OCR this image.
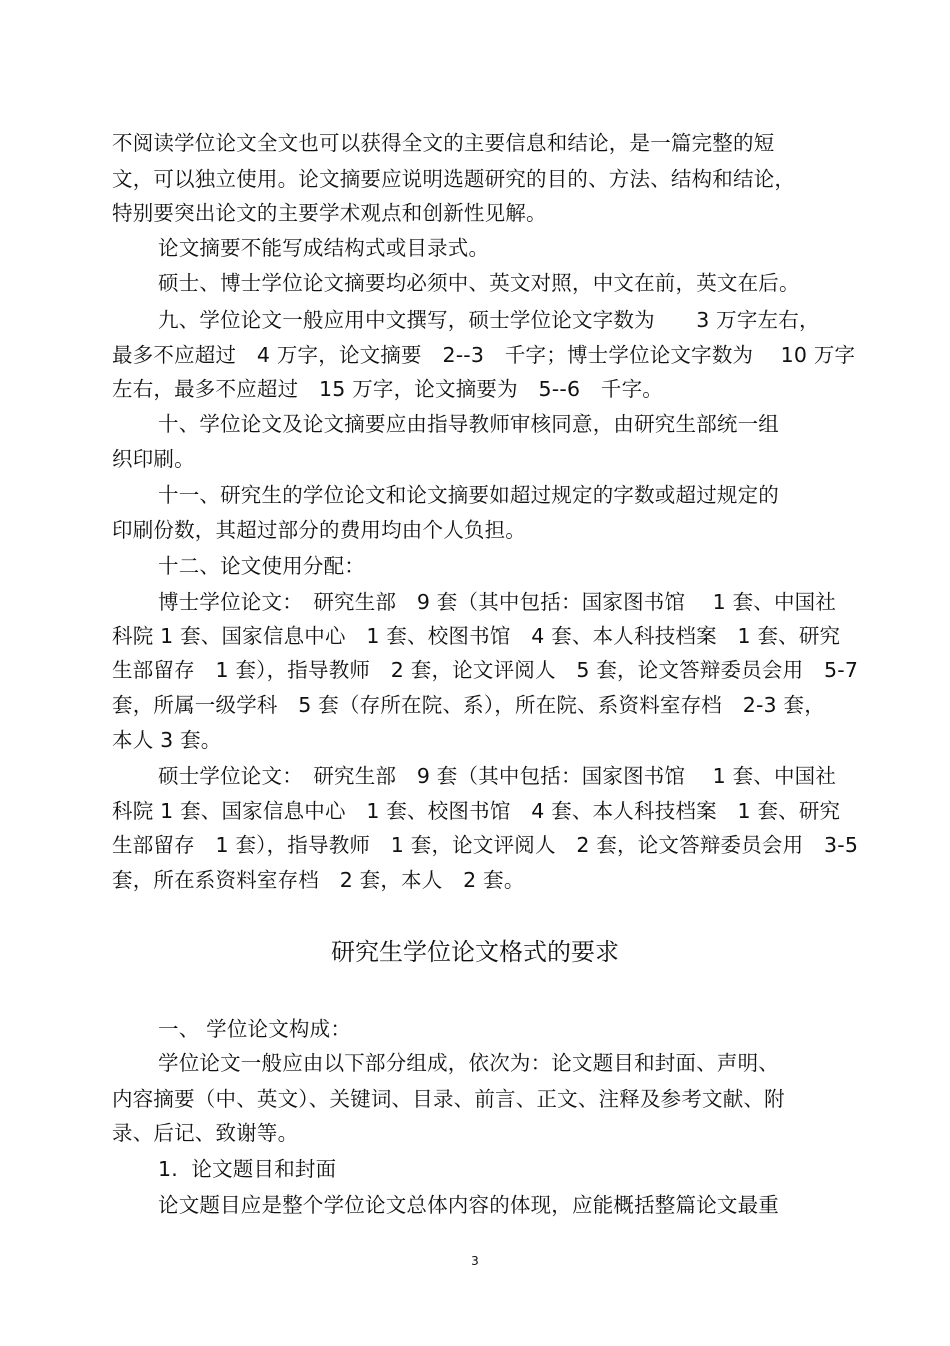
不阅读学位论文全文也可以获得全文的主要信息和结论，是一篇完整的短
文，可以独立使用。论文摘要应说明选题研究的目的、方法、结构和结论，
特别要突出论文的主要学术观点和创新性见解。
论文摘要不能写成结构式或目录式。
硕士、博士学位论文摘要均必须中、英文对照，中文在前，英文在后。
九、学位论文一般应用中文撰写，硕士学位论文字数为　　3 万字左右，
最多不应超过　4 万字，论文摘要　2--3　千字；博士学位论文字数为　 10 万字
左右，最多不应超过　15 万字，论文摘要为　5--6　千字。
十、学位论文及论文摘要应由指导教师审核同意，由研究生部统一组
织印刷。
十一、研究生的学位论文和论文摘要如超过规定的字数或超过规定的
印刷份数，其超过部分的费用均由个人负担。
十二、论文使用分配：
博士学位论文：　研究生部　9 套（其中包括：国家图书馆　 1 套、中国社
科院 1 套、国家信息中心　1 套、校图书馆　4 套、本人科技档案　1 套、研究
生部留存　1 套），指导教师　2 套，论文评阅人　5 套，论文答辩委员会用　5-7
套，所属一级学科　5 套（存所在院、系），所在院、系资料室存档　2-3 套，
本人 3 套。
硕士学位论文：　研究生部　9 套（其中包括：国家图书馆　 1 套、中国社
科院 1 套、国家信息中心　1 套、校图书馆　4 套、本人科技档案　1 套、研究
生部留存　1 套），指导教师　1 套，论文评阅人　2 套，论文答辩委员会用　3-5
套，所在系资料室存档　2 套，本人　2 套。
研究生学位论文格式的要求
一、 学位论文构成：
学位论文一般应由以下部分组成，依次为：论文题目和封面、声明、
内容摘要（中、英文）、关键词、目录、前言、正文、注释及参考文献、附
录、后记、致谢等。
1.  论文题目和封面
论文题目应是整个学位论文总体内容的体现，应能概括整篇论文最重
3
